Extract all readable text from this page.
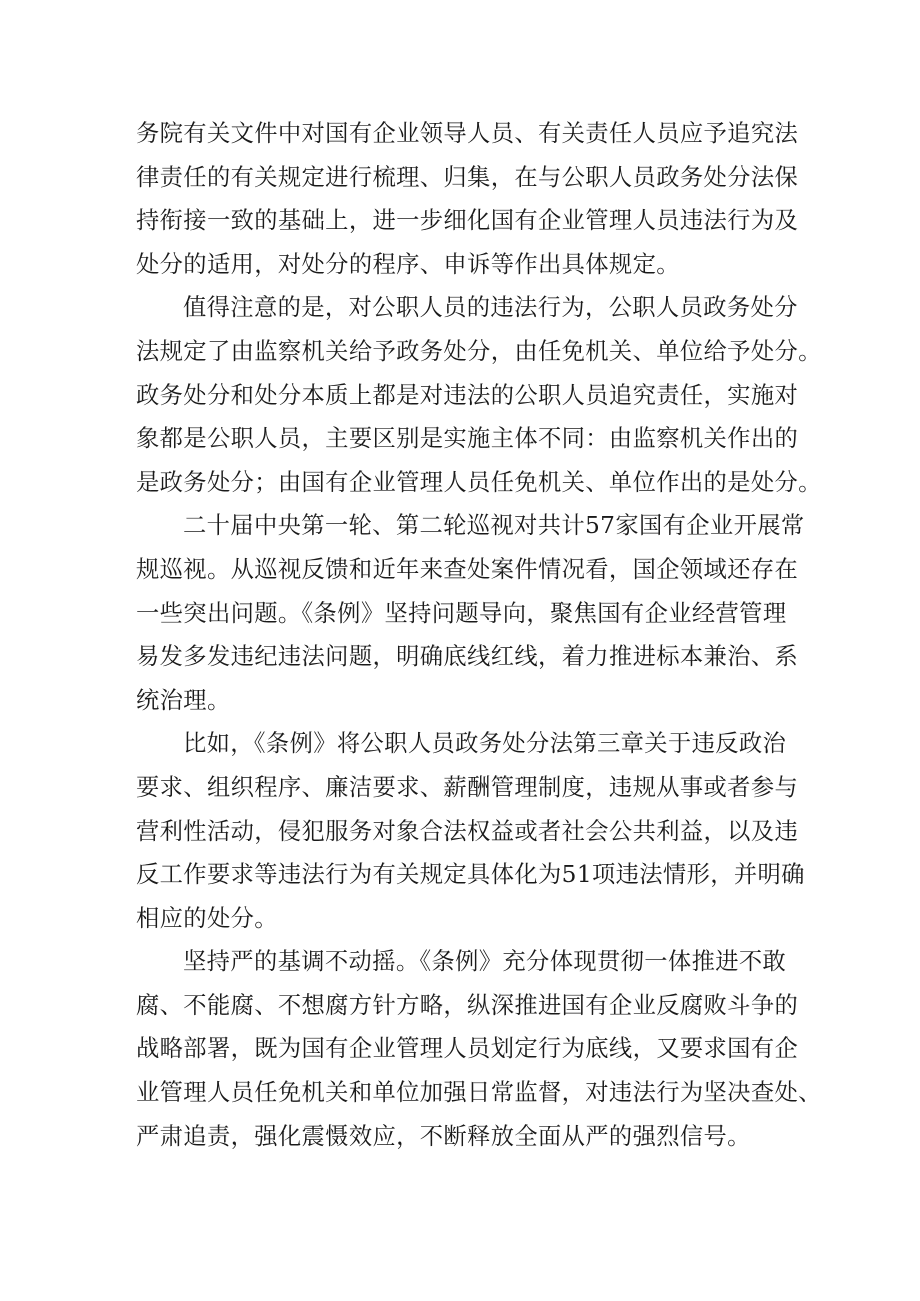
务院有关文件中对国有企业领导人员、有关责任人员应予追究法
律责任的有关规定进行梳理、归集，在与公职人员政务处分法保
持衔接一致的基础上，进一步细化国有企业管理人员违法行为及
处分的适用，对处分的程序、申诉等作出具体规定。
值得注意的是，对公职人员的违法行为，公职人员政务处分
法规定了由监察机关给予政务处分，由任免机关、单位给予处分。
政务处分和处分本质上都是对违法的公职人员追究责任，实施对
象都是公职人员，主要区别是实施主体不同：由监察机关作出的
是政务处分；由国有企业管理人员任免机关、单位作出的是处分。
二十届中央第一轮、第二轮巡视对共计57家国有企业开展常
规巡视。从巡视反馈和近年来查处案件情况看，国企领域还存在
一些突出问题。《条例》坚持问题导向，聚焦国有企业经营管理
易发多发违纪违法问题，明确底线红线，着力推进标本兼治、系
统治理。
比如，《条例》将公职人员政务处分法第三章关于违反政治
要求、组织程序、廉洁要求、薪酬管理制度，违规从事或者参与
营利性活动，侵犯服务对象合法权益或者社会公共利益，以及违
反工作要求等违法行为有关规定具体化为51项违法情形，并明确
相应的处分。
坚持严的基调不动摇。《条例》充分体现贯彻一体推进不敢
腐、不能腐、不想腐方针方略，纵深推进国有企业反腐败斗争的
战略部署，既为国有企业管理人员划定行为底线，又要求国有企
业管理人员任免机关和单位加强日常监督，对违法行为坚决查处、
严肃追责，强化震慑效应，不断释放全面从严的强烈信号。
